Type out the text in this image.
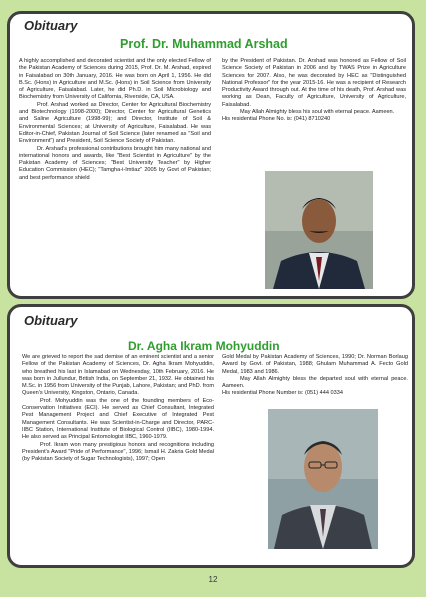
Obituary
Prof. Dr. Muhammad Arshad

A highly accomplished and decorated scientist and the only elected Fellow of the Pakistan Academy of Sciences during 2015, Prof. Dr. M. Arshad, expired in Faisalabad on 30th January, 2016. He was born on April 1, 1956. He did B.Sc. (Hons) in Agriculture and M.Sc. (Hons) in Soil Science from University of Agriculture, Faisalabad. Later, he did Ph.D. in Soil Microbiology and Biochemistry from University of California, Riverside, CA, USA.

Prof. Arshad worked as Director, Center for Agricultural Biochemistry and Biotechnology (1998-2000); Director, Center for Agricultural Genetics and Saline Agriculture (1998-99); and Director, Institute of Soil & Environmental Sciences; at University of Agriculture, Faisalabad. He was Editor-in-Chief, Pakistan Journal of Soil Science (later renamed as "Soil and Environment") and President, Soil Science Society of Pakistan.

Dr. Arshad's professional contributions brought him many national and international honors and awards, like "Best Scientist in Agriculture" by the Pakistan Academy of Sciences; "Best University Teacher" by Higher Education Commission (HEC); "Tamgha-i-Imtiaz" 2005 by Govt of Pakistan; and best performance shield

by the President of Pakistan. Dr. Arshad was honored as Fellow of Soil Science Society of Pakistan in 2006 and by TWAS Prize in Agriculture Sciences for 2007. Also, he was decorated by HEC as "Distinguished National Professor" for the year 2015-16. He was a recipient of Research Productivity Award through out. At the time of his death, Prof. Arshad was working as Dean, Faculty of Agriculture, University of Agriculture, Faisalabad.

May Allah Almighty bless his soul with eternal peace. Aameen.

His residential Phone No. is: (041) 8710240

Obituary
Dr. Agha Ikram Mohyuddin

We are grieved to report the sad demise of an eminent scientist and a senior Fellow of the Pakistan Academy of Sciences, Dr. Agha Ikram Mohyuddin, who breathed his last in Islamabad on Wednesday, 10th February, 2016. He was born in Jullundur, British India, on September 21, 1932. He obtained his M.Sc. in 1956 from University of the Punjab, Lahore, Pakistan; and PhD. from Queen's University, Kingston, Ontario, Canada.

Prof. Mohyuddin was the one of the founding members of Eco-Conservation Initiatives (ECI). He served as Chief Consultant, Integrated Pest Management Project and Chief Executive of Integrated Pest Management Consultants. He was Scientist-in-Charge and Director, PARC-IIBC Station, International Institute of Biological Control (IIBC), 1980-1994. He also served as Principal Entomologist IIBC, 1960-1979.

Prof. Ikram won many prestigious honors and recognitions including President's Award "Pride of Performance", 1996; Ismail H. Zakria Gold Medal (by Pakistan Society of Sugar Technologists), 1997; Open

Gold Medal by Pakistan Academy of Sciences, 1990; Dr. Norman Borlaug Award by Govt. of Pakistan, 1988; Ghulam Muhammad A. Fecto Gold Medal, 1983 and 1986.

May Allah Almighty bless the departed soul with eternal peace. Aameen.

His residential Phone Number is: (051) 444 0334

12
